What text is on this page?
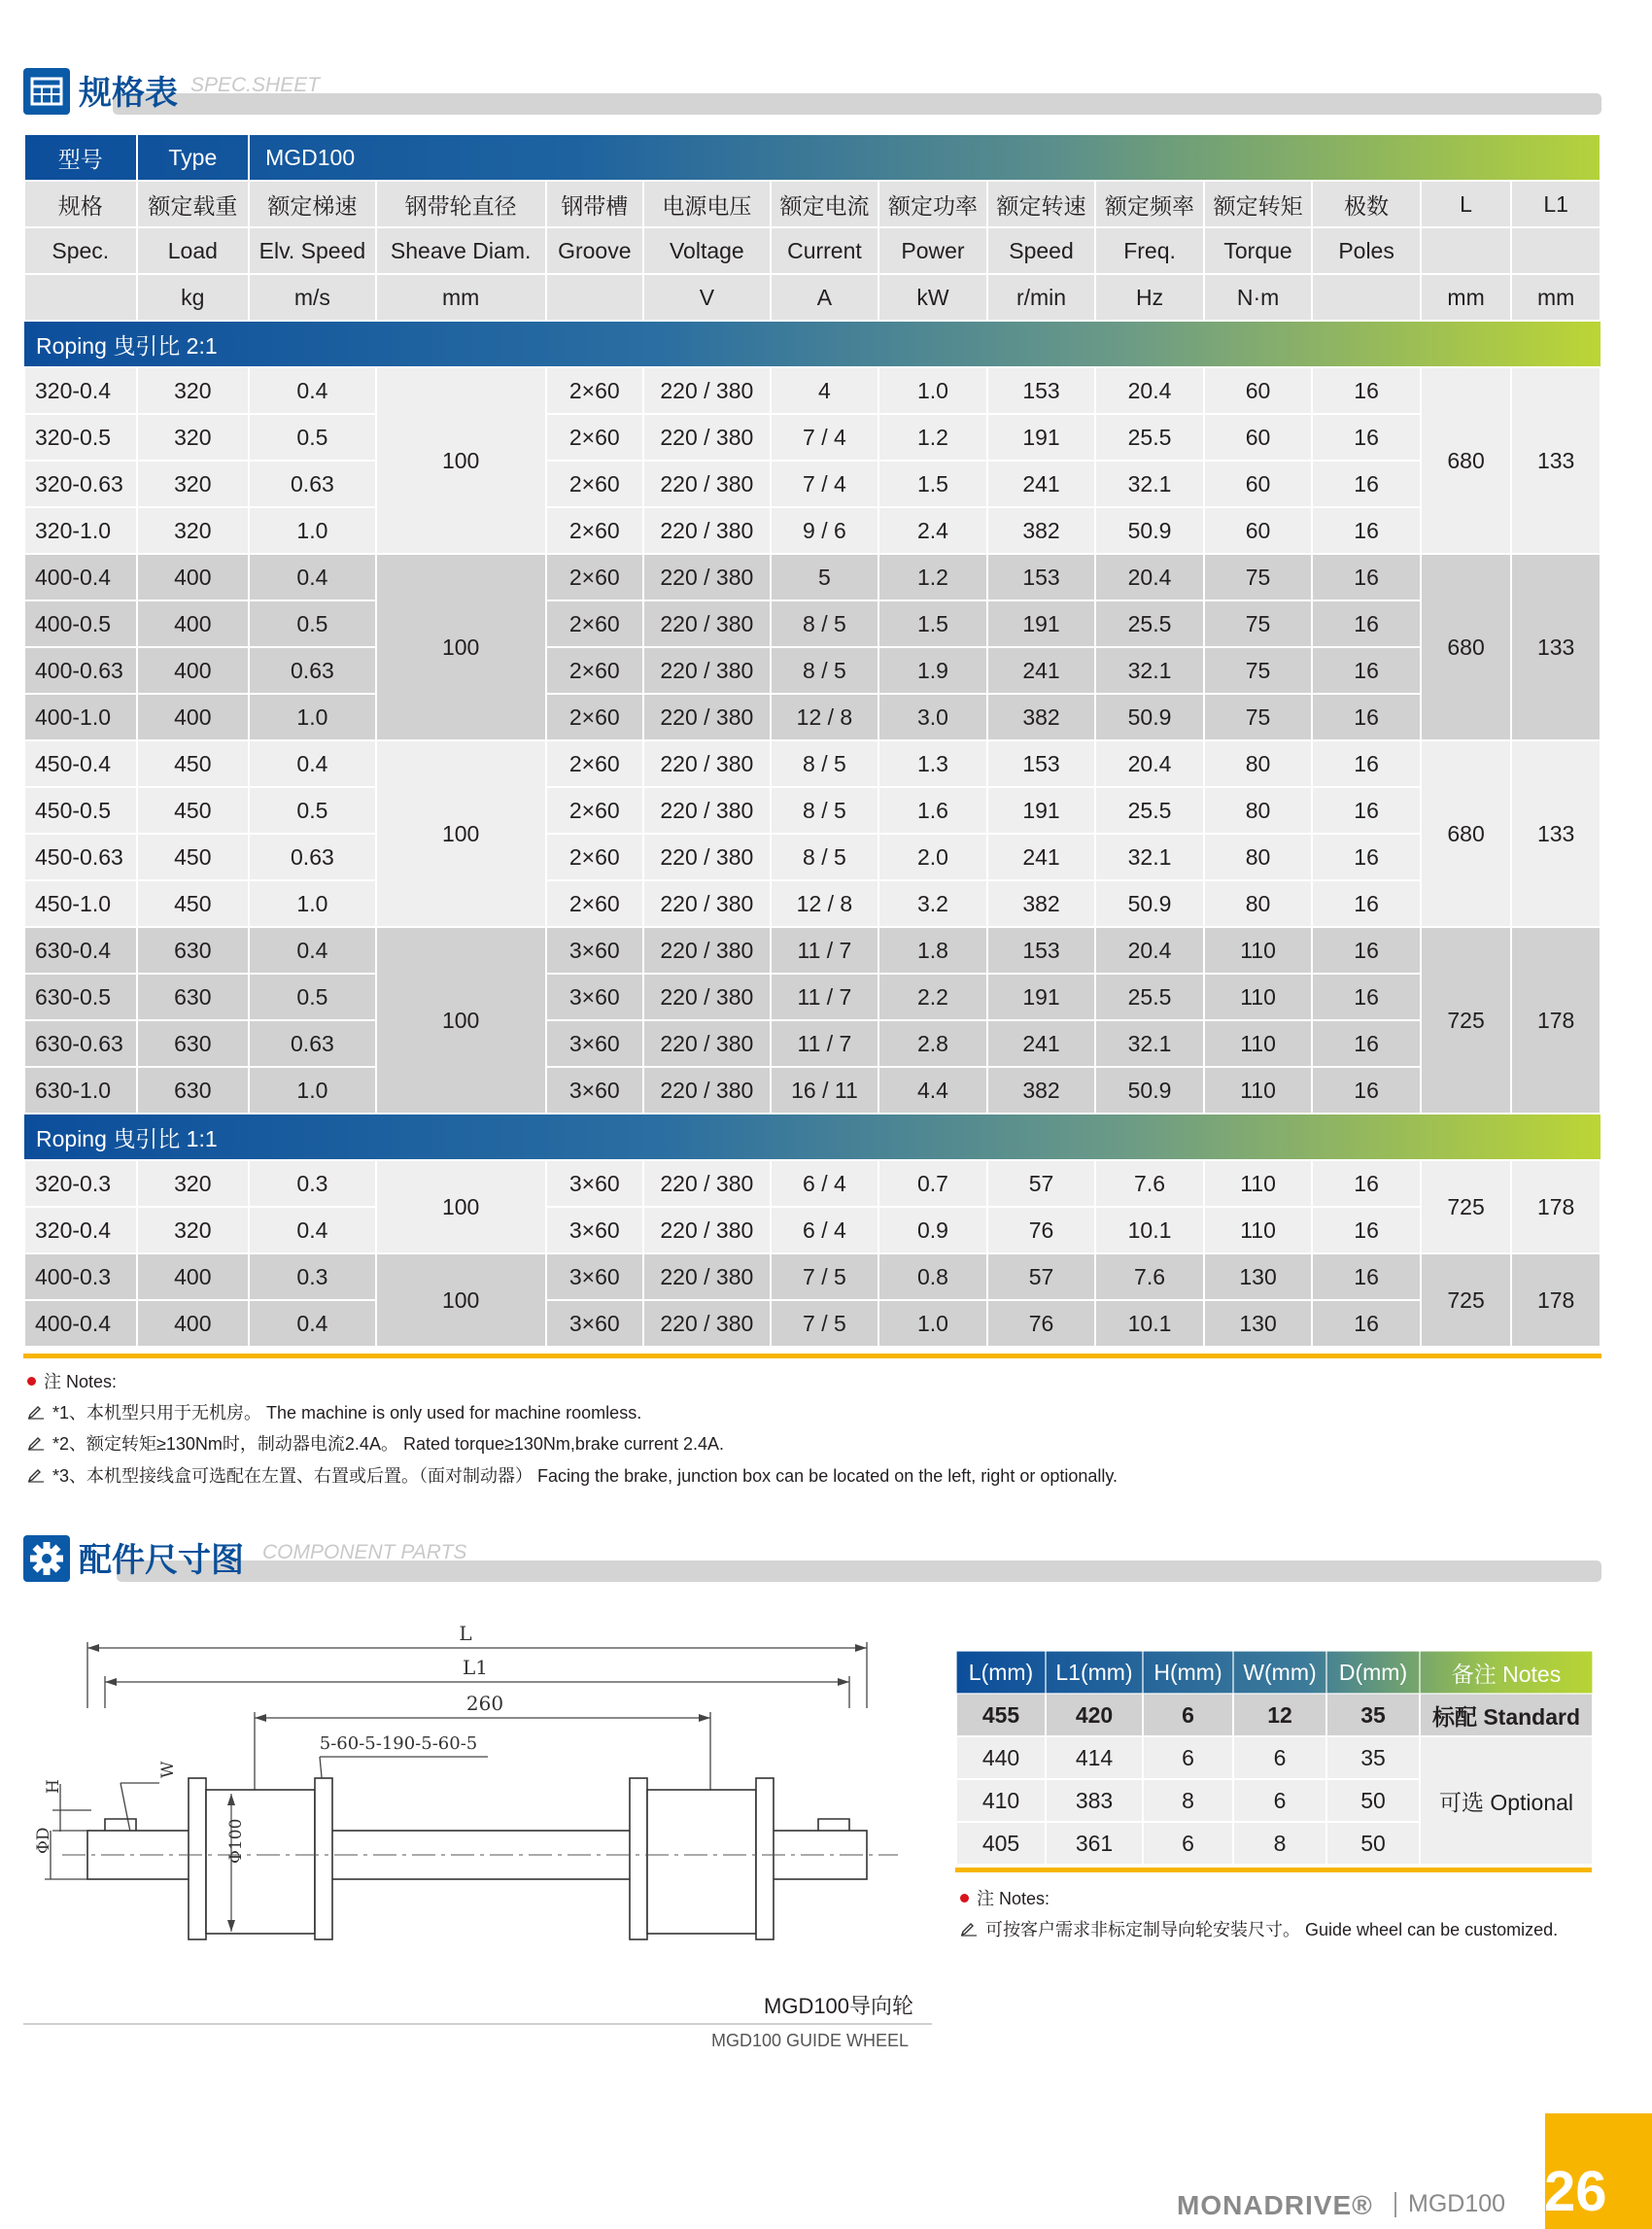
规格表 SPEC.SHEET
型号	Type	MGD100											
规格	额定载重	额定梯速	钢带轮直径	钢带槽	电源电压	额定电流	额定功率	额定转速	额定频率	额定转矩	极数	L	L1
Spec.	Load	Elv. Speed	Sheave Diam.	Groove	Voltage	Current	Power	Speed	Freq.	Torque	Poles		
	kg	m/s	mm		V	A	kW	r/min	Hz	N·m		mm	mm
Roping 曳引比 2:1													
320-0.4	320	0.4	100	2×60	220 / 380	4	1.0	153	20.4	60	16	680	133
320-0.5	320	0.5		2×60	220 / 380	7 / 4	1.2	191	25.5	60	16		
320-0.63	320	0.63		2×60	220 / 380	7 / 4	1.5	241	32.1	60	16		
320-1.0	320	1.0		2×60	220 / 380	9 / 6	2.4	382	50.9	60	16		
400-0.4	400	0.4	100	2×60	220 / 380	5	1.2	153	20.4	75	16	680	133
400-0.5	400	0.5		2×60	220 / 380	8 / 5	1.5	191	25.5	75	16		
400-0.63	400	0.63		2×60	220 / 380	8 / 5	1.9	241	32.1	75	16		
400-1.0	400	1.0		2×60	220 / 380	12 / 8	3.0	382	50.9	75	16		
450-0.4	450	0.4	100	2×60	220 / 380	8 / 5	1.3	153	20.4	80	16	680	133
450-0.5	450	0.5		2×60	220 / 380	8 / 5	1.6	191	25.5	80	16		
450-0.63	450	0.63		2×60	220 / 380	8 / 5	2.0	241	32.1	80	16		
450-1.0	450	1.0		2×60	220 / 380	12 / 8	3.2	382	50.9	80	16		
630-0.4	630	0.4	100	3×60	220 / 380	11 / 7	1.8	153	20.4	110	16	725	178
630-0.5	630	0.5		3×60	220 / 380	11 / 7	2.2	191	25.5	110	16		
630-0.63	630	0.63		3×60	220 / 380	11 / 7	2.8	241	32.1	110	16		
630-1.0	630	1.0		3×60	220 / 380	16 / 11	4.4	382	50.9	110	16		
Roping 曳引比 1:1													
320-0.3	320	0.3	100	3×60	220 / 380	6 / 4	0.7	57	7.6	110	16	725	178
320-0.4	320	0.4		3×60	220 / 380	6 / 4	0.9	76	10.1	110	16		
400-0.3	400	0.3	100	3×60	220 / 380	7 / 5	0.8	57	7.6	130	16	725	178
400-0.4	400	0.4		3×60	220 / 380	7 / 5	1.0	76	10.1	130	16		
注 Notes:
*1、本机型只用于无机房。 The machine is only used for machine roomless.
*2、额定转矩≥130Nm时，制动器电流2.4A。 Rated torque≥130Nm,brake current 2.4A.
*3、本机型接线盒可选配在左置、右置或后置。（面对制动器） Facing the brake, junction box can be located on the left, right or optionally.
配件尺寸图 COMPONENT PARTS
L
L1
260
5-60-5-190-5-60-5
W
H
ΦD	Φ100
MGD100导向轮
MGD100 GUIDE WHEEL
L(mm)	L1(mm)	H(mm)	W(mm)	D(mm)	备注 Notes
455	420	6	12	35	标配 Standard
440	414	6	6	35	可选 Optional
410	383	8	6	50	
405	361	6	8	50	
注 Notes:
可按客户需求非标定制导向轮安装尺寸。 Guide wheel can be customized.
MONADRIVE® MGD100 26
